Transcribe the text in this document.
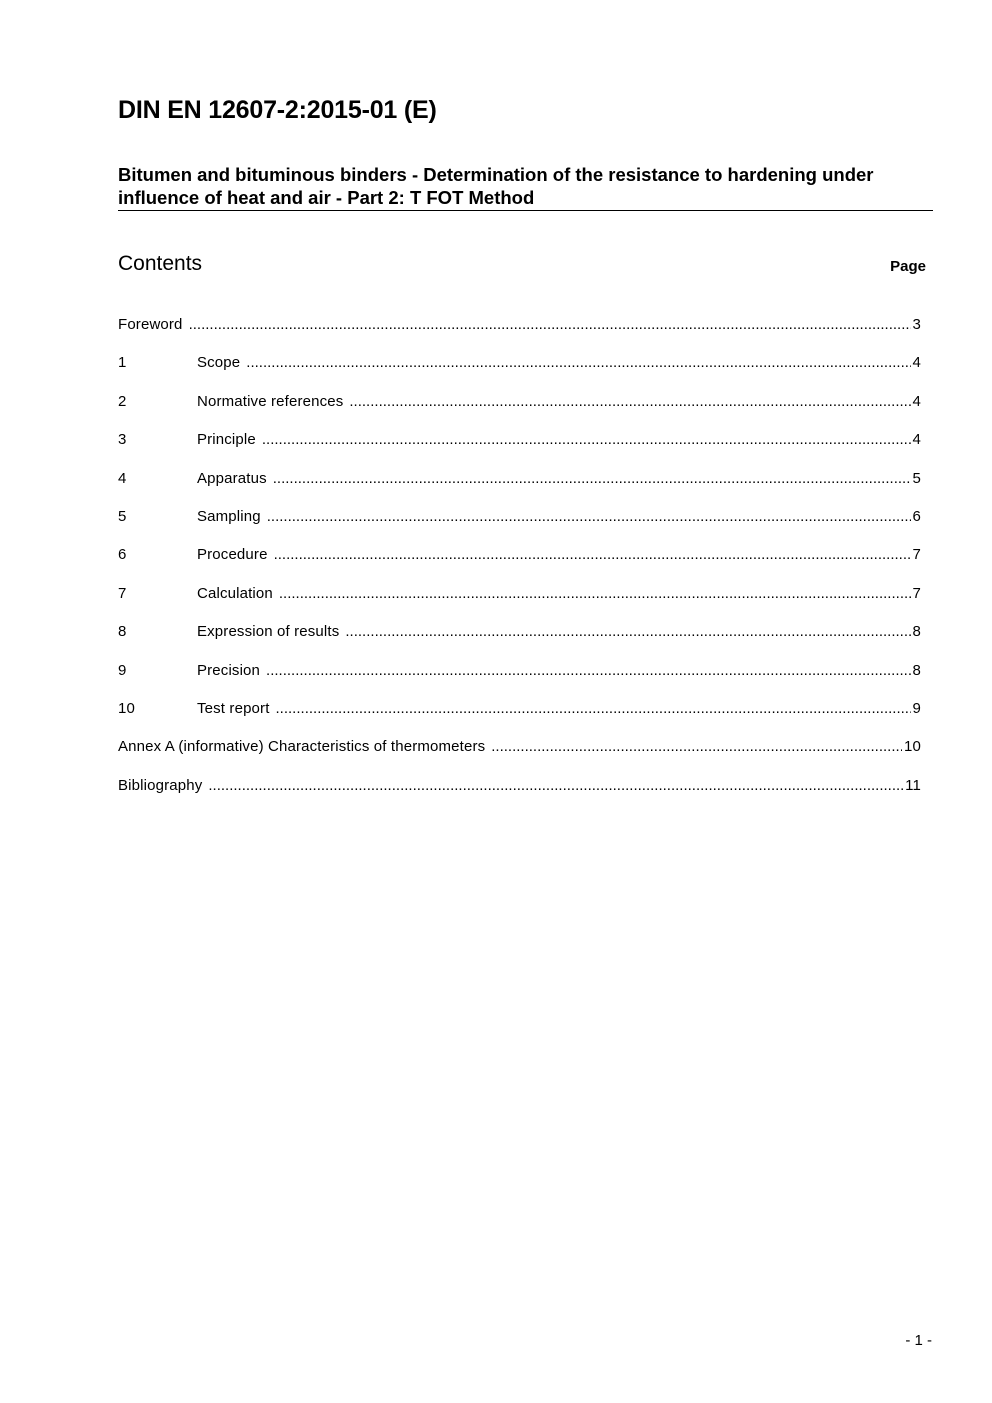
DIN EN 12607-2:2015-01 (E)
Bitumen and bituminous binders - Determination of the resistance to hardening under influence of heat and air - Part 2: T FOT Method
Contents	Page
Foreword .....	3
1	Scope .....	4
2	Normative references .....	4
3	Principle .....	4
4	Apparatus .....	5
5	Sampling .....	6
6	Procedure .....	7
7	Calculation .....	7
8	Expression of results .....	8
9	Precision .....	8
10	Test report .....	9
Annex A (informative) Characteristics of thermometers .....	10
Bibliography .....	11
- 1 -
